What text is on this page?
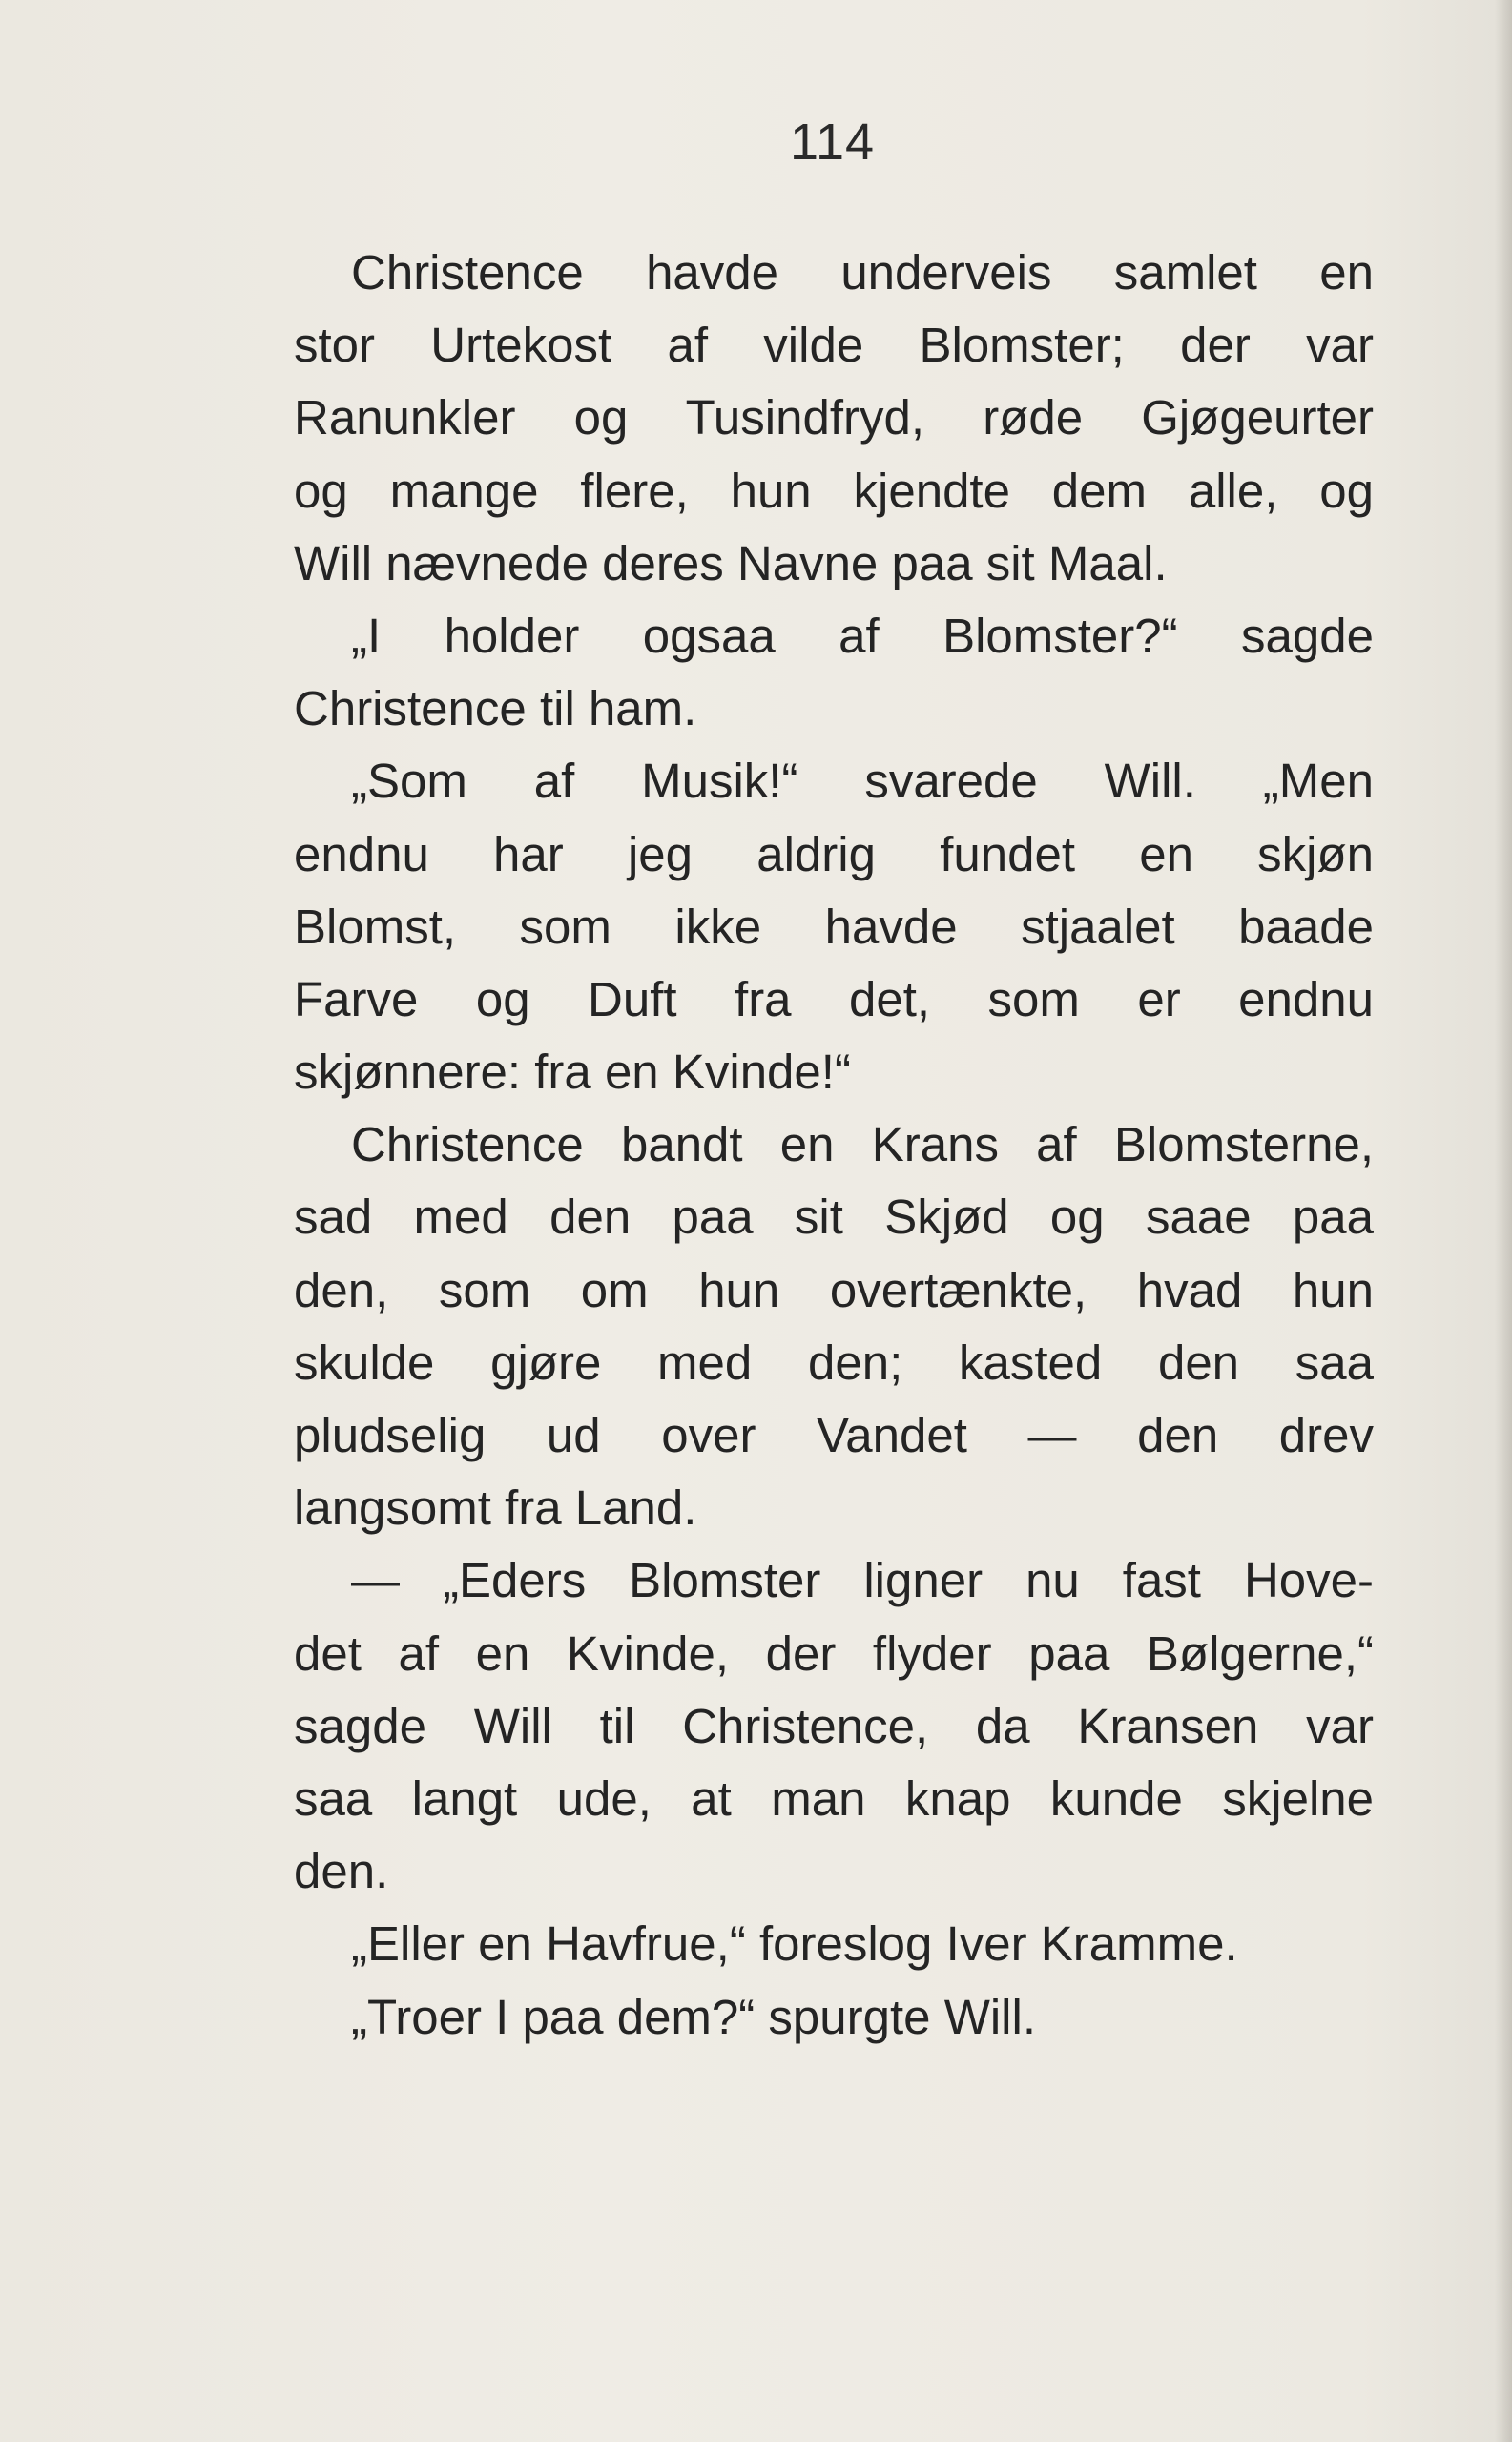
114
Christence havde underveis samlet en
stor Urtekost af vilde Blomster; der var
Ranunkler og Tusindfryd, røde Gjøgeurter
og mange flere, hun kjendte dem alle, og
Will nævnede deres Navne paa sit Maal.
„I holder ogsaa af Blomster?“ sagde
Christence til ham.
„Som af Musik!“ svarede Will. „Men
endnu har jeg aldrig fundet en skjøn
Blomst, som ikke havde stjaalet baade
Farve og Duft fra det, som er endnu
skjønnere: fra en Kvinde!“
Christence bandt en Krans af Blomsterne,
sad med den paa sit Skjød og saae paa
den, som om hun overtænkte, hvad hun
skulde gjøre med den; kasted den saa
pludselig ud over Vandet — den drev
langsomt fra Land.
— „Eders Blomster ligner nu fast Hove-
det af en Kvinde, der flyder paa Bølgerne,“
sagde Will til Christence, da Kransen var
saa langt ude, at man knap kunde skjelne
den.
„Eller en Havfrue,“ foreslog Iver Kramme.
„Troer I paa dem?“ spurgte Will.
